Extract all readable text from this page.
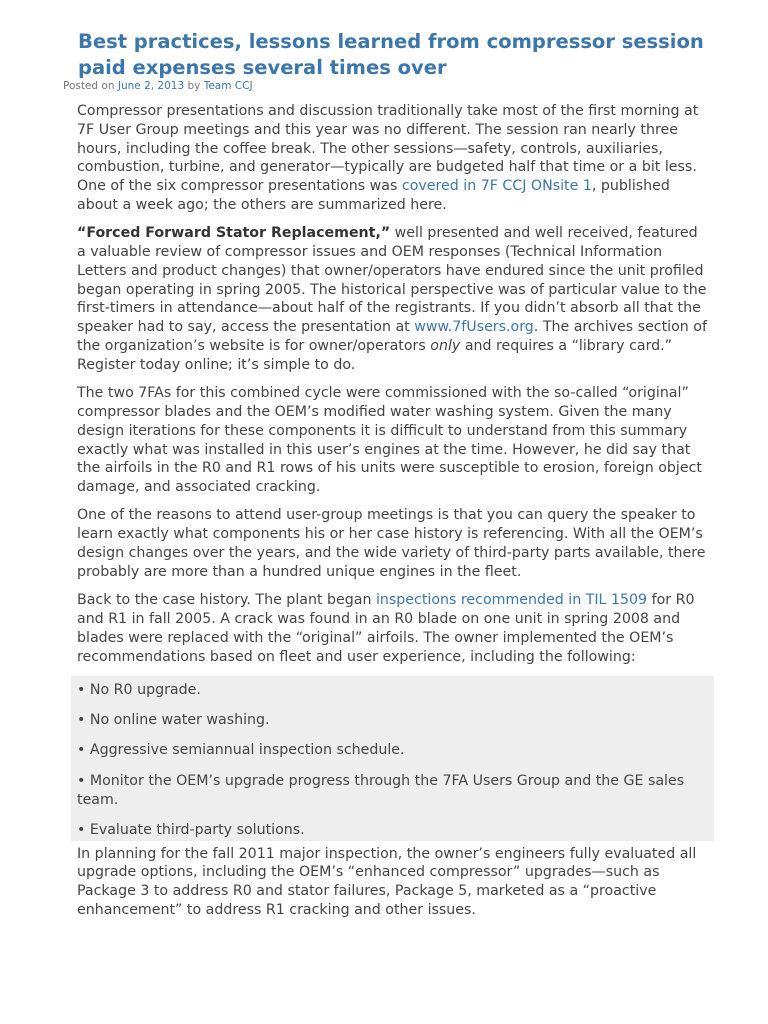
Best practices, lessons learned from compressor session paid expenses several times over
Posted on June 2, 2013 by Team CCJ

Compressor presentations and discussion traditionally take most of the first morning at 7F User Group meetings and this year was no different. The session ran nearly three hours, including the coffee break. The other sessions—safety, controls, auxiliaries, combustion, turbine, and generator—typically are budgeted half that time or a bit less. One of the six compressor presentations was covered in 7F CCJ ONsite 1, published about a week ago; the others are summarized here.

“Forced Forward Stator Replacement,” well presented and well received, featured a valuable review of compressor issues and OEM responses (Technical Information Letters and product changes) that owner/operators have endured since the unit profiled began operating in spring 2005. The historical perspective was of particular value to the first-timers in attendance—about half of the registrants. If you didn’t absorb all that the speaker had to say, access the presentation at www.7fUsers.org. The archives section of the organization’s website is for owner/operators only and requires a “library card.” Register today online; it’s simple to do.

The two 7FAs for this combined cycle were commissioned with the so-called “original” compressor blades and the OEM’s modified water washing system. Given the many design iterations for these components it is difficult to understand from this summary exactly what was installed in this user’s engines at the time. However, he did say that the airfoils in the R0 and R1 rows of his units were susceptible to erosion, foreign object damage, and associated cracking.

One of the reasons to attend user-group meetings is that you can query the speaker to learn exactly what components his or her case history is referencing. With all the OEM’s design changes over the years, and the wide variety of third-party parts available, there probably are more than a hundred unique engines in the fleet.

Back to the case history. The plant began inspections recommended in TIL 1509 for R0 and R1 in fall 2005. A crack was found in an R0 blade on one unit in spring 2008 and blades were replaced with the “original” airfoils. The owner implemented the OEM’s recommendations based on fleet and user experience, including the following:

• No R0 upgrade.

• No online water washing.

• Aggressive semiannual inspection schedule.

• Monitor the OEM’s upgrade progress through the 7FA Users Group and the GE sales team.

• Evaluate third-party solutions.

In planning for the fall 2011 major inspection, the owner’s engineers fully evaluated all upgrade options, including the OEM’s “enhanced compressor” upgrades—such as Package 3 to address R0 and stator failures, Package 5, marketed as a “proactive enhancement” to address R1 cracking and other issues.
